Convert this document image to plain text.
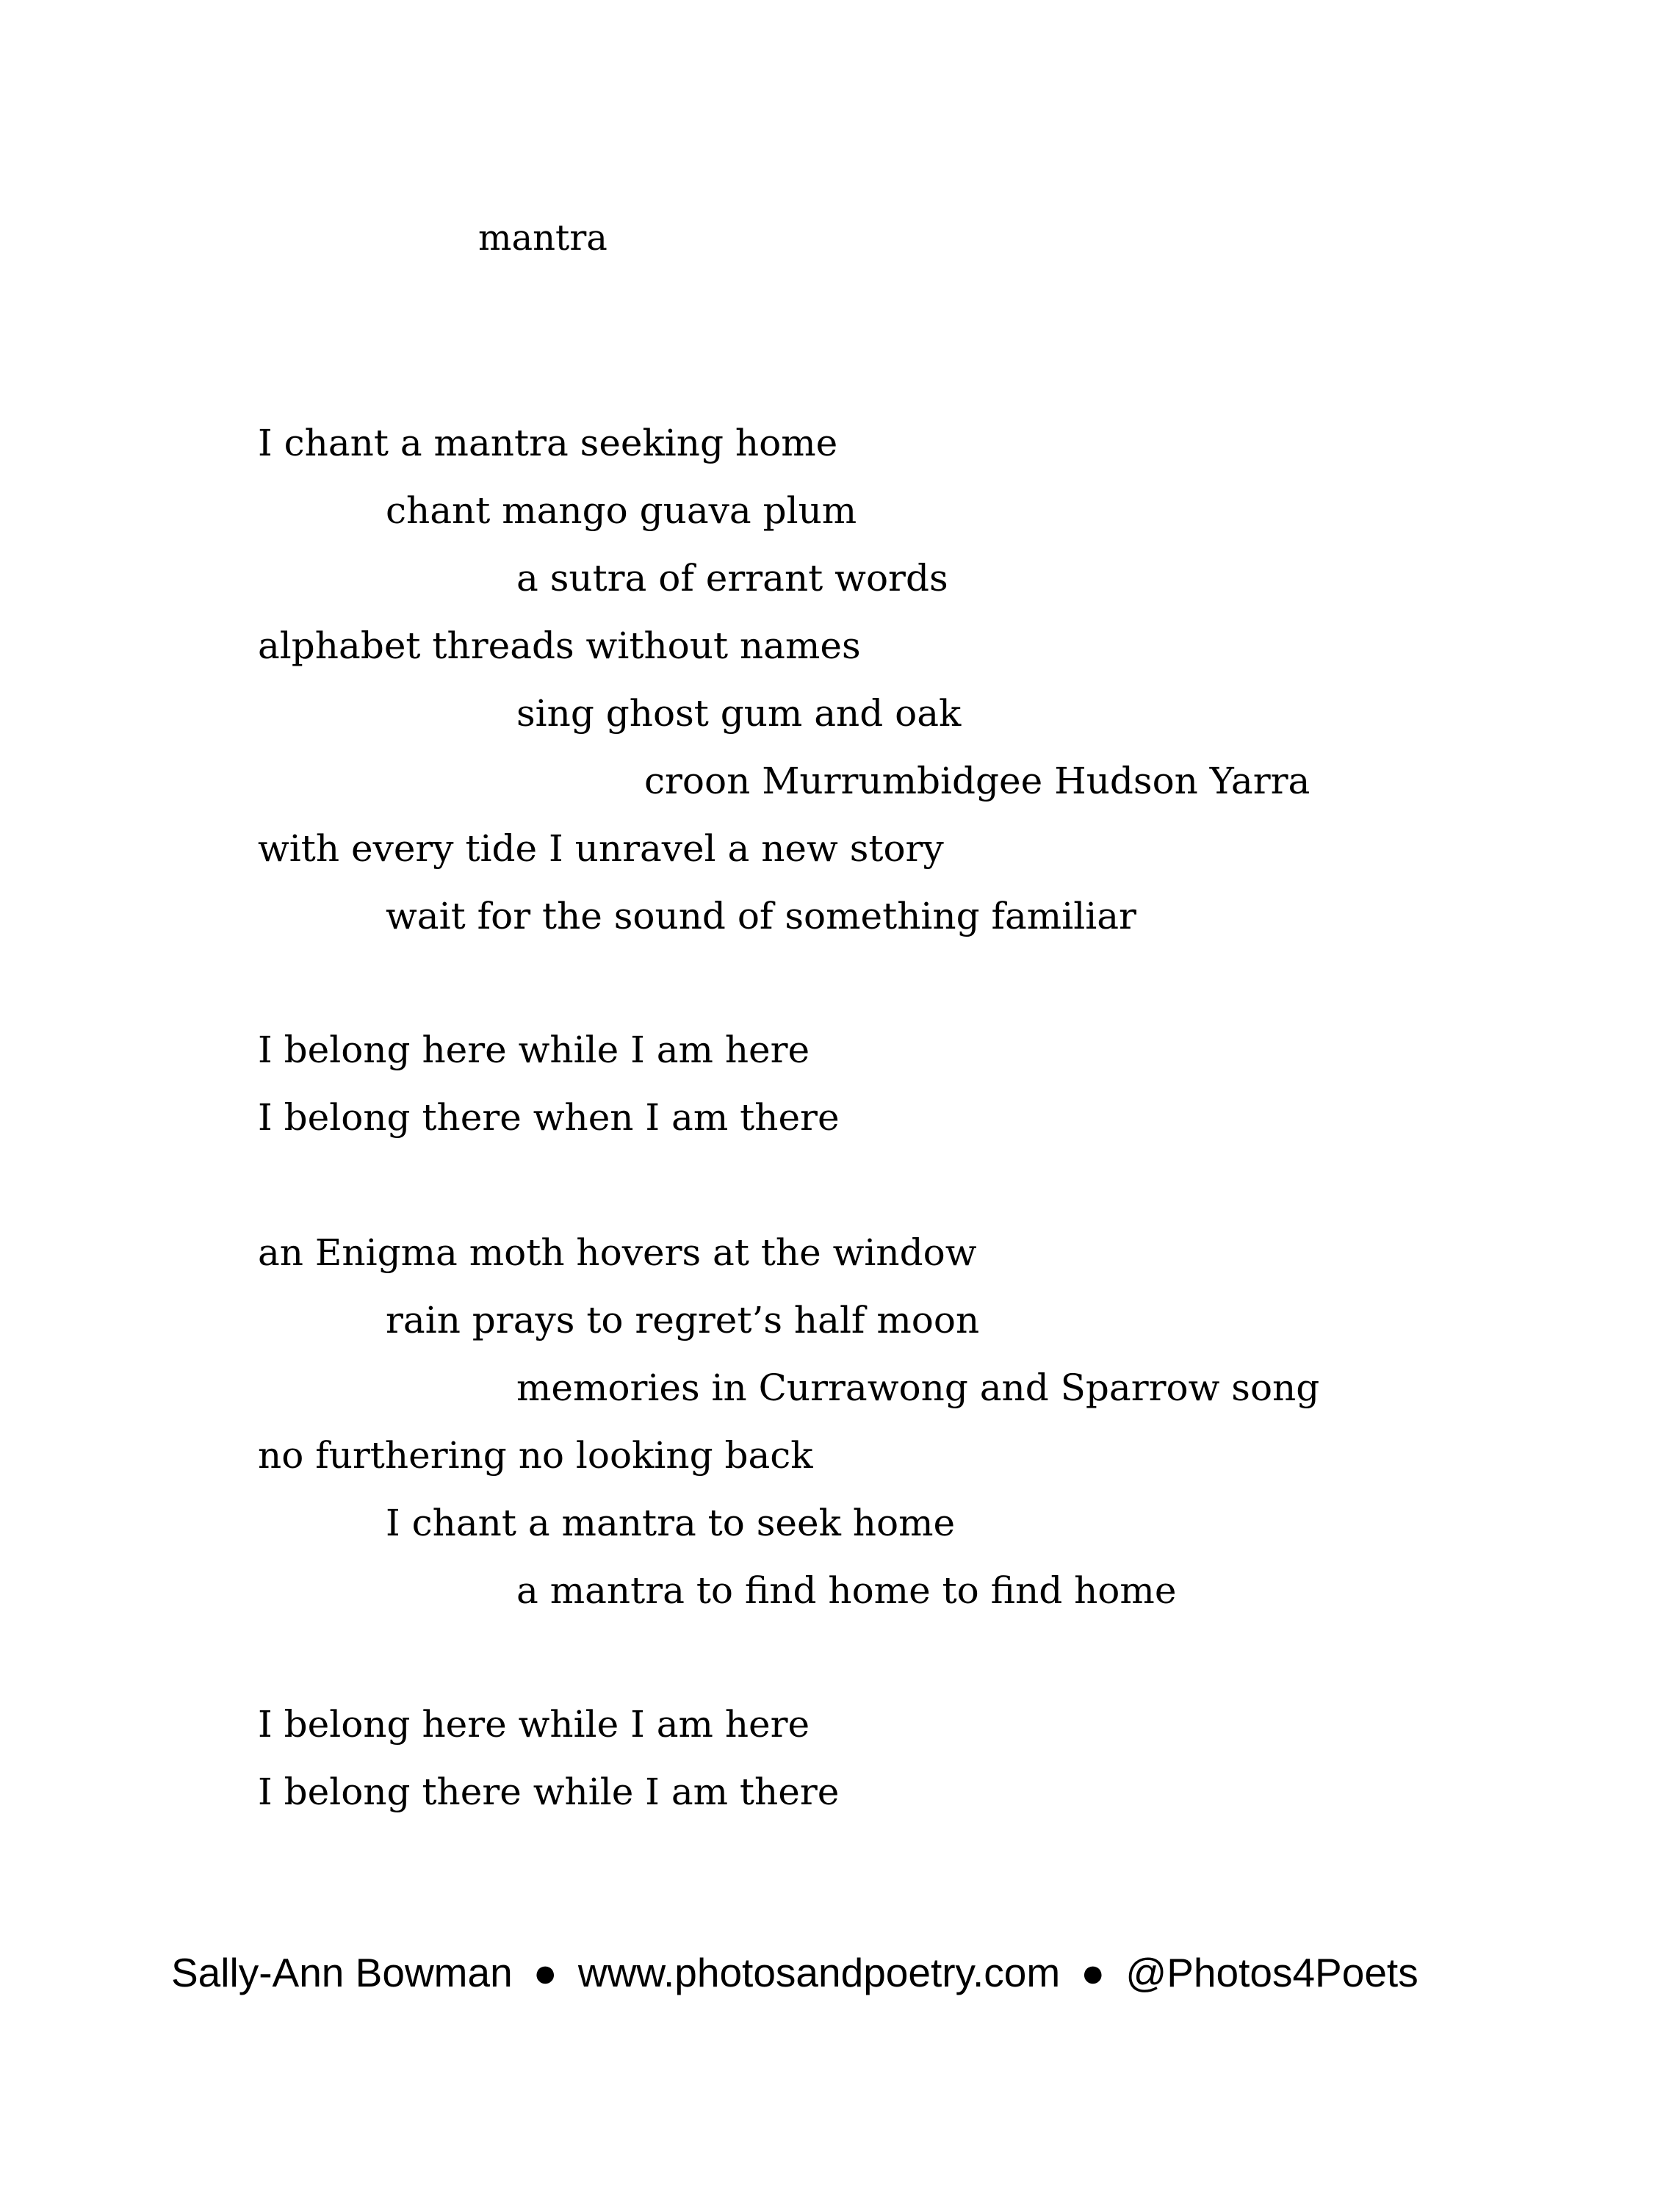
mantra

I chant a mantra seeking home

chant mango guava plum

a sutra of errant words

alphabet threads without names

sing ghost gum and oak

croon Murrumbidgee Hudson Yarra

with every tide I unravel a new story

wait for the sound of something familiar

I belong here while I am here

I belong there when I am there

an Enigma moth hovers at the window

rain prays to regret’s half moon

memories in Currawong and Sparrow song

no furthering no looking back

I chant a mantra to seek home

a mantra to find home to find home

I belong here while I am here

I belong there while I am there

Sally-Ann Bowman ● www.photosandpoetry.com ● @Photos4Poets
